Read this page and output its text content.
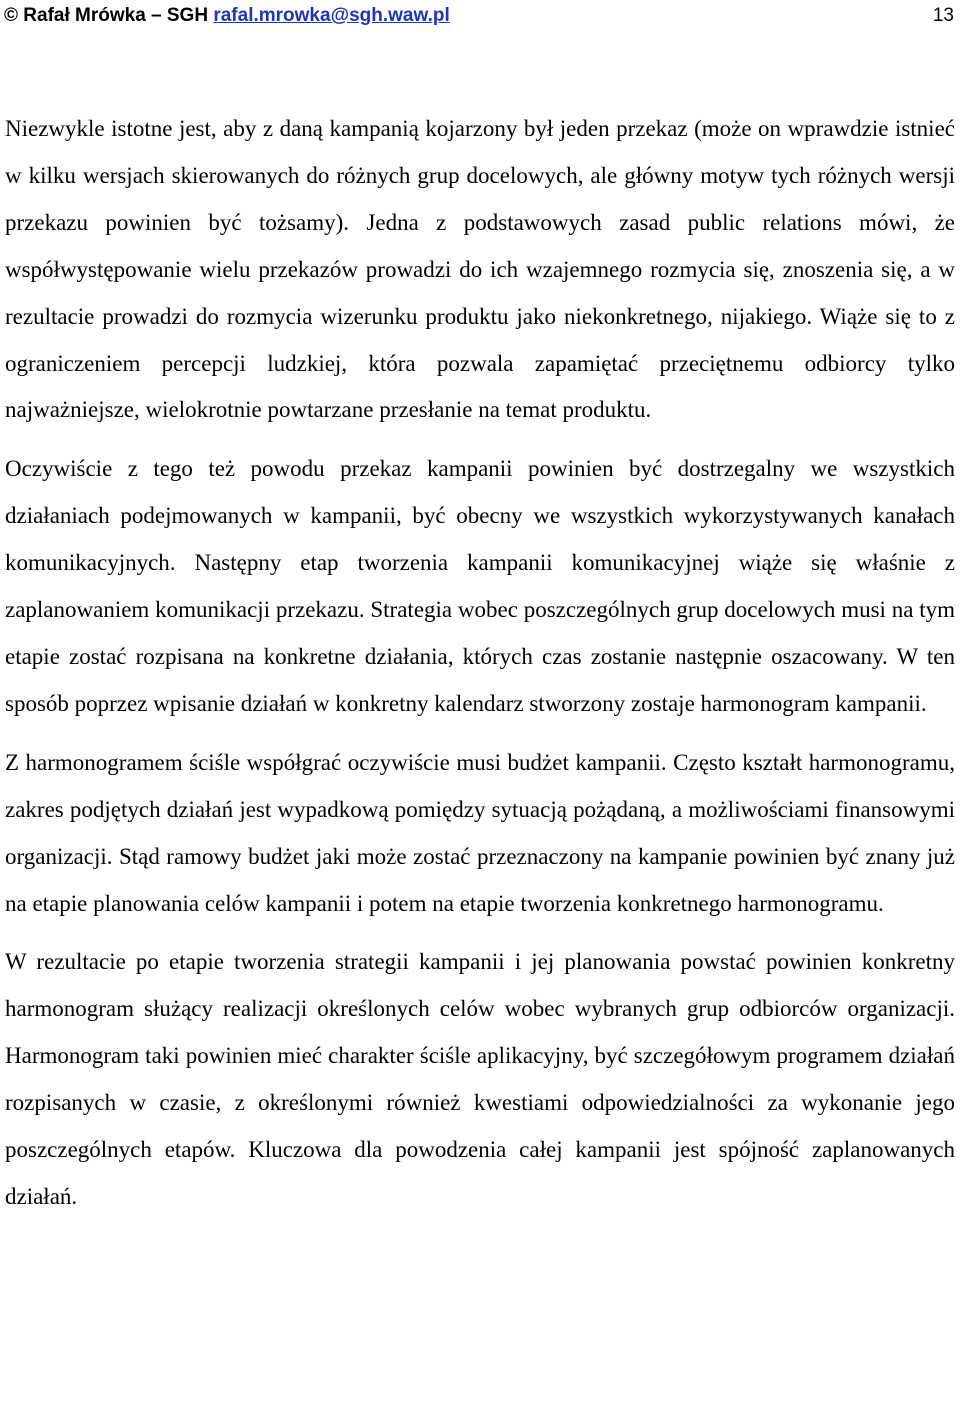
© Rafał Mrówka – SGH rafal.mrowka@sgh.waw.pl	13

Niezwykle istotne jest, aby z daną kampanią kojarzony był jeden przekaz (może on wprawdzie istnieć w kilku wersjach skierowanych do różnych grup docelowych, ale główny motyw tych różnych wersji przekazu powinien być tożsamy). Jedna z podstawowych zasad public relations mówi, że współwystępowanie wielu przekazów prowadzi do ich wzajemnego rozmycia się, znoszenia się, a w rezultacie prowadzi do rozmycia wizerunku produktu jako niekonkretnego, nijakiego. Wiąże się to z ograniczeniem percepcji ludzkiej, która pozwala zapamiętać przeciętnemu odbiorcy tylko najważniejsze, wielokrotnie powtarzane przesłanie na temat produktu.

Oczywiście z tego też powodu przekaz kampanii powinien być dostrzegalny we wszystkich działaniach podejmowanych w kampanii, być obecny we wszystkich wykorzystywanych kanałach komunikacyjnych. Następny etap tworzenia kampanii komunikacyjnej wiąże się właśnie z zaplanowaniem komunikacji przekazu. Strategia wobec poszczególnych grup docelowych musi na tym etapie zostać rozpisana na konkretne działania, których czas zostanie następnie oszacowany. W ten sposób poprzez wpisanie działań w konkretny kalendarz stworzony zostaje harmonogram kampanii.

Z harmonogramem ściśle współgrać oczywiście musi budżet kampanii. Często kształt harmonogramu, zakres podjętych działań jest wypadkową pomiędzy sytuacją pożądaną, a możliwościami finansowymi organizacji. Stąd ramowy budżet jaki może zostać przeznaczony na kampanie powinien być znany już na etapie planowania celów kampanii i potem na etapie tworzenia konkretnego harmonogramu.

W rezultacie po etapie tworzenia strategii kampanii i jej planowania powstać powinien konkretny harmonogram służący realizacji określonych celów wobec wybranych grup odbiorców organizacji. Harmonogram taki powinien mieć charakter ściśle aplikacyjny, być szczegółowym programem działań rozpisanych w czasie, z określonymi również kwestiami odpowiedzialności za wykonanie jego poszczególnych etapów. Kluczowa dla powodzenia całej kampanii jest spójność zaplanowanych działań.
